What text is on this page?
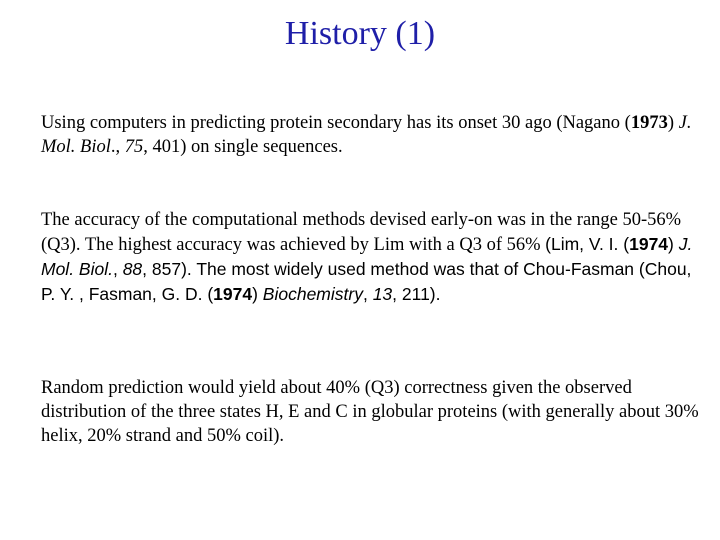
History (1)
Using computers in predicting protein secondary has its onset 30 ago (Nagano (1973) J. Mol. Biol., 75, 401) on single sequences.
The accuracy of the computational methods devised early-on was in the range 50-56% (Q3). The highest accuracy was achieved by Lim with a Q3 of 56% (Lim, V. I. (1974) J. Mol. Biol., 88, 857). The most widely used method was that of Chou-Fasman (Chou, P. Y. , Fasman, G. D. (1974) Biochemistry, 13, 211).
Random prediction would yield about 40% (Q3) correctness given the observed distribution of the three states H, E and C in globular proteins (with generally about 30% helix, 20% strand and 50% coil).
